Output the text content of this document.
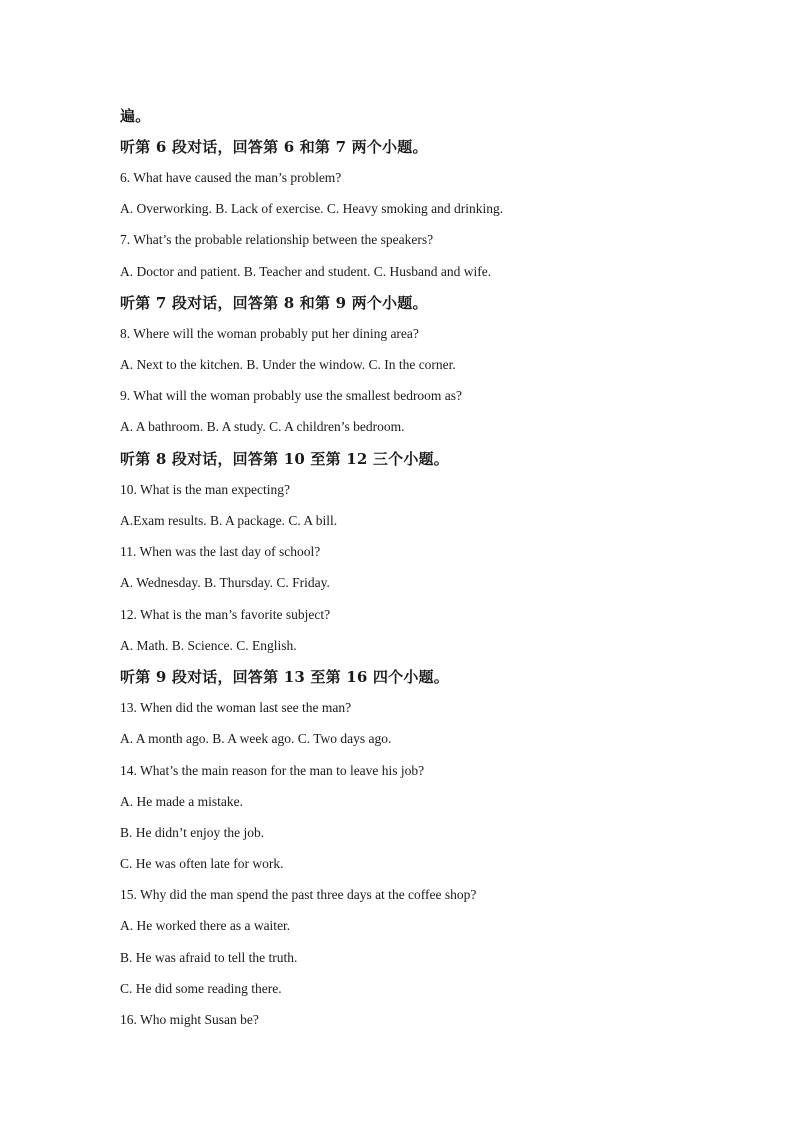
遍。
听第 6 段对话，回答第 6 和第 7 两个小题。
6. What have caused the man’s problem?
A. Overworking. B. Lack of exercise. C. Heavy smoking and drinking.
7. What’s the probable relationship between the speakers?
A. Doctor and patient. B. Teacher and student. C. Husband and wife.
听第 7 段对话，回答第 8 和第 9 两个小题。
8. Where will the woman probably put her dining area?
A. Next to the kitchen. B. Under the window. C. In the corner.
9. What will the woman probably use the smallest bedroom as?
A. A bathroom. B. A study. C. A children’s bedroom.
听第 8 段对话，回答第 10 至第 12 三个小题。
10. What is the man expecting?
A.Exam results. B. A package. C. A bill.
11. When was the last day of school?
A. Wednesday. B. Thursday. C. Friday.
12. What is the man’s favorite subject?
A. Math. B. Science. C. English.
听第 9 段对话，回答第 13 至第 16 四个小题。
13. When did the woman last see the man?
A. A month ago. B. A week ago. C. Two days ago.
14. What’s the main reason for the man to leave his job?
A. He made a mistake.
B. He didn’t enjoy the job.
C. He was often late for work.
15. Why did the man spend the past three days at the coffee shop?
A. He worked there as a waiter.
B. He was afraid to tell the truth.
C. He did some reading there.
16. Who might Susan be?
